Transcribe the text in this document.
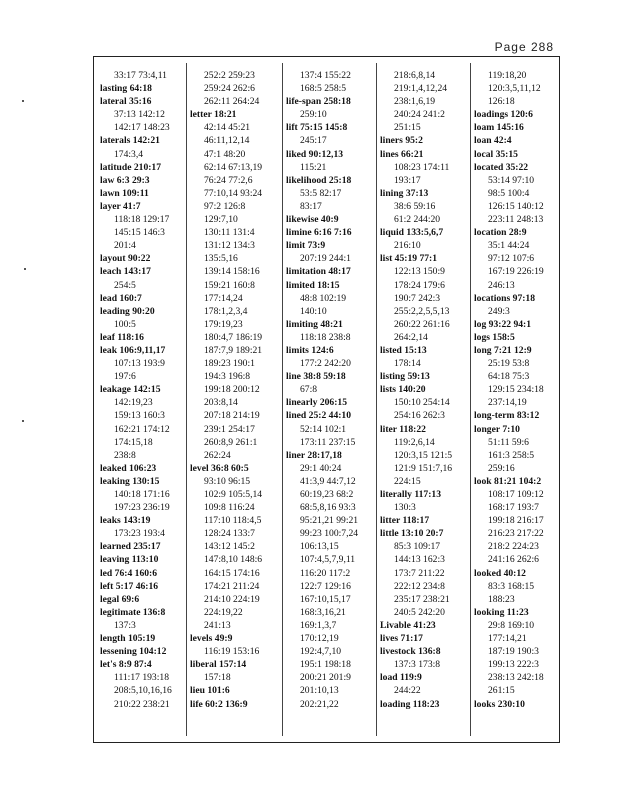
Page 288
33:17 73:4,11
lasting 64:18
lateral 35:16
37:13 142:12
142:17 148:23
laterals 142:21
174:3,4
latitude 210:17
law 6:3 29:3
lawn 109:11
layer 41:7
118:18 129:17
145:15 146:3
201:4
layout 90:22
leach 143:17
254:5
lead 160:7
leading 90:20
100:5
leaf 118:16
leak 106:9,11,17
107:13 193:9
197:6
leakage 142:15
142:19,23
159:13 160:3
162:21 174:12
174:15,18
238:8
leaked 106:23
leaking 130:15
140:18 171:16
197:23 236:19
leaks 143:19
173:23 193:4
learned 235:17
leaving 113:10
led 76:4 160:6
left 5:17 46:16
legal 69:6
legitimate 136:8
137:3
length 105:19
lessening 104:12
let's 8:9 87:4
111:17 193:18
208:5,10,16,16
210:22 238:21
252:2 259:23
259:24 262:6
262:11 264:24
letter 18:21
42:14 45:21
46:11,12,14
47:1 48:20
62:14 67:13,19
76:24 77:2,6
77:10,14 93:24
97:2 126:8
129:7,10
130:11 131:4
131:12 134:3
135:5,16
139:14 158:16
159:21 160:8
177:14,24
178:1,2,3,4
179:19,23
180:4,7 186:19
187:7,9 189:21
189:23 190:1
194:3 196:8
199:18 200:12
203:8,14
207:18 214:19
239:1 254:17
260:8,9 261:1
262:24
level 36:8 60:5
93:10 96:15
102:9 105:5,14
109:8 116:24
117:10 118:4,5
128:24 133:7
143:12 145:2
147:8,10 148:6
164:15 174:16
174:21 211:24
214:10 224:19
224:19,22
241:13
levels 49:9
116:19 153:16
liberal 157:14
157:18
lieu 101:6
life 60:2 136:9
137:4 155:22
168:5 258:5
life-span 258:18
259:10
lift 75:15 145:8
245:17
liked 90:12,13
115:21
likelihood 25:18
53:5 82:17
83:17
likewise 40:9
limine 6:16 7:16
limit 73:9
207:19 244:1
limitation 48:17
limited 18:15
48:8 102:19
140:10
limiting 48:21
118:18 238:8
limits 124:6
177:2 242:20
line 38:8 59:18
67:8
linearly 206:15
lined 25:2 44:10
52:14 102:1
173:11 237:15
liner 28:17,18
29:1 40:24
41:3,9 44:7,12
60:19,23 68:2
68:5,8,16 93:3
95:21,21 99:21
99:23 100:7,24
106:13,15
107:4,5,7,9,11
116:20 117:2
122:7 129:16
167:10,15,17
168:3,16,21
169:1,3,7
170:12,19
192:4,7,10
195:1 198:18
200:21 201:9
201:10,13
202:21,22
218:6,8,14
219:1,4,12,24
238:1,6,19
240:24 241:2
251:15
liners 95:2
lines 66:21
108:23 174:11
193:17
lining 37:13
38:6 59:16
61:2 244:20
liquid 133:5,6,7
216:10
list 45:19 77:1
122:13 150:9
178:24 179:6
190:7 242:3
255:2,2,5,5,13
260:22 261:16
264:2,14
listed 15:13
178:14
listing 59:13
lists 140:20
150:10 254:14
254:16 262:3
liter 118:22
119:2,6,14
120:3,15 121:5
121:9 151:7,16
224:15
literally 117:13
130:3
litter 118:17
little 13:10 20:7
85:3 109:17
144:13 162:3
173:7 211:22
222:12 234:8
235:17 238:21
240:5 242:20
Livable 41:23
lives 71:17
livestock 136:8
137:3 173:8
load 119:9
244:22
loading 118:23
119:18,20
120:3,5,11,12
126:18
loadings 120:6
loam 145:16
loan 42:4
local 35:15
located 35:22
53:14 97:10
98:5 100:4
126:15 140:12
223:11 248:13
location 28:9
35:1 44:24
97:12 107:6
167:19 226:19
246:13
locations 97:18
249:3
log 93:22 94:1
logs 158:5
long 7:21 12:9
25:19 53:8
64:18 75:3
129:15 234:18
237:14,19
long-term 83:12
longer 7:10
51:11 59:6
161:3 258:5
259:16
look 81:21 104:2
108:17 109:12
168:17 193:7
199:18 216:17
216:23 217:22
218:2 224:23
241:16 262:6
looked 40:12
83:3 168:15
188:23
looking 11:23
29:8 169:10
177:14,21
187:19 190:3
199:13 222:3
238:13 242:18
261:15
looks 230:10
